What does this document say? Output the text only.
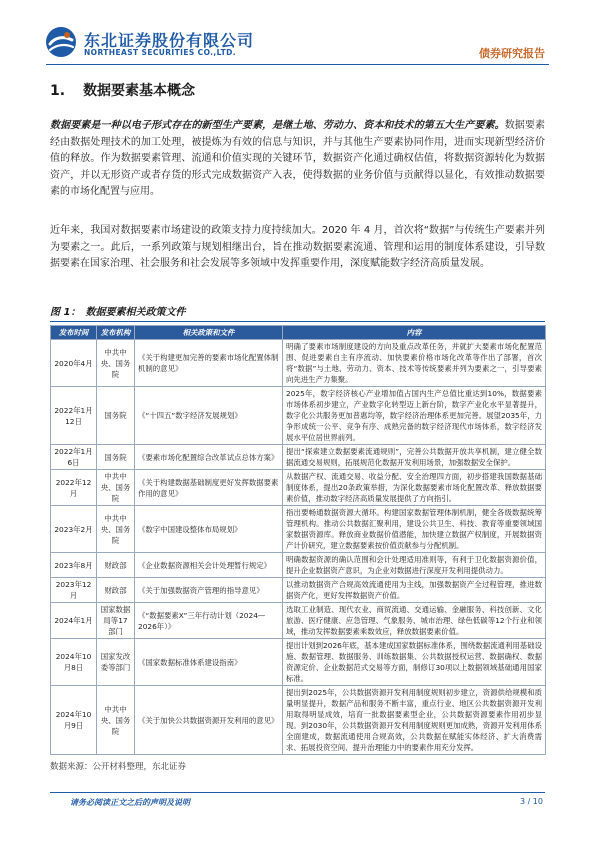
东北证券股份有限公司
NORTHEAST SECURITIES CO.,LTD.	债券研究报告
1. 数据要素基本概念
数据要素是一种以电子形式存在的新型生产要素，是继土地、劳动力、资本和技术的第五大生产要素。数据要素经由数据处理技术的加工处理，被提炼为有效的信息与知识，并与其他生产要素协同作用，进而实现新型经济价值的释放。作为数据要素管理、流通和价值实现的关键环节，数据资产化通过确权估值，将数据资源转化为数据资产，并以无形资产或者存货的形式完成数据资产入表，使得数据的业务价值与贡献得以显化，有效推动数据要素的市场化配置与应用。
近年来，我国对数据要素市场建设的政策支持力度持续加大。2020 年 4 月，首次将“数据”与传统生产要素并列为要素之一。此后，一系列政策与规划相继出台，旨在推动数据要素流通、管理和运用的制度体系建设，引导数据要素在国家治理、社会服务和社会发展等多领域中发挥重要作用，深度赋能数字经济高质量发展。
图 1： 数据要素相关政策文件
发布时间	发布机构	相关政策和文件	内容
2020年4月	中共中央、国务院	《关于构建更加完善的要素市场化配置体制机制的意见》	明确了要素市场制度建设的方向及重点改革任务，并就扩大要素市场化配置范围、促进要素自主有序流动、加快要素价格市场化改革等作出了部署，首次将“数据”与土地、劳动力、资本、技术等传统要素并列为要素之一，引导要素向先进生产力集聚。
2022年1月12日	国务院	《“十四五”数字经济发展规划》	2025年，数字经济核心产业增加值占国内生产总值比重达到10%，数据要素市场体系初步建立，产业数字化转型迈上新台阶，数字产业化水平显著提升，数字化公共服务更加普惠均等，数字经济治理体系更加完善。展望2035年，力争形成统一公平、竞争有序、成熟完备的数字经济现代市场体系，数字经济发展水平位居世界前列。
2022年1月6日	国务院	《要素市场化配置综合改革试点总体方案》	提出“探索建立数据要素流通规则”，完善公共数据开放共享机制，建立健全数据流通交易规则，拓展规范化数据开发利用场景，加强数据安全保护。
2022年12月	中共中央、国务院	《关于构建数据基础制度更好发挥数据要素作用的意见》	从数据产权、流通交易、收益分配、安全治理四方面，初步搭建我国数据基础制度体系，提出20条政策举措，为深化数据要素市场化配置改革、释放数据要素价值，推动数字经济高质量发展提供了方向指引。
2023年2月	中共中央、国务院	《数字中国建设整体布局规划》	指出要畅通数据资源大循环。构建国家数据管理体制机制，健全各级数据统筹管理机构。推动公共数据汇聚利用，建设公共卫生、科技、教育等重要领域国家数据资源库。释放商业数据价值潜能，加快建立数据产权制度，开展数据资产计价研究，建立数据要素按价值贡献参与分配机制。
2023年8月	财政部	《企业数据资源相关会计处理暂行规定》	明确数据资源的确认范围和会计处理适用准则等，有利于卫化数据资源价值，提升企业数据资产意识，为企业对数据进行深度开发利用提供动力。
2023年12月	财政部	《关于加强数据资产管理的指导意见》	以推动数据资产合规高效流通使用为主线，加强数据资产全过程管理，推进数据资产化，更好发挥数据资产价值。
2024年1月	国家数据局等17部门	《“数据要素X”三年行动计划（2024—2026年）》	选取工业制造、现代农业、商贸流通、交通运输、金融服务、科技创新、文化旅游、医疗健康、应急管理、气象服务、城市治理、绿色低碳等12个行业和领域，推动发挥数据要素乘数效应，释放数据要素价值。
2024年10月8日	国家发改委等部门	《国家数据标准体系建设指南》	提出计划到2026年底，基本建成国家数据标准体系，围绕数据流通利用基础设施、数据管理、数据服务、训练数据集、公共数据授权运营、数据确权、数据资源定价、企业数据范式交易等方面，制修订30项以上数据领域基础通用国家标准。
2024年10月9日	中共中央、国务院	《关于加快公共数据资源开发利用的意见》	提出到2025年，公共数据资源开发利用制度规则初步建立，资源供给规模和质量明显提升，数据产品和服务不断丰富，重点行业、地区公共数据资源开发利用取得明显成效，培育一批数据要素型企业，公共数据资源要素作用初步显现。到2030年，公共数据资源开发利用制度规则更加成熟，资源开发利用体系全面建成，数据流通使用合规高效，公共数据在赋能实体经济、扩大消费需求、拓展投资空间、提升治理能力中的要素作用充分发挥。
数据来源：公开材料整理，东北证券
请务必阅读正文之后的声明及说明	3 / 10
